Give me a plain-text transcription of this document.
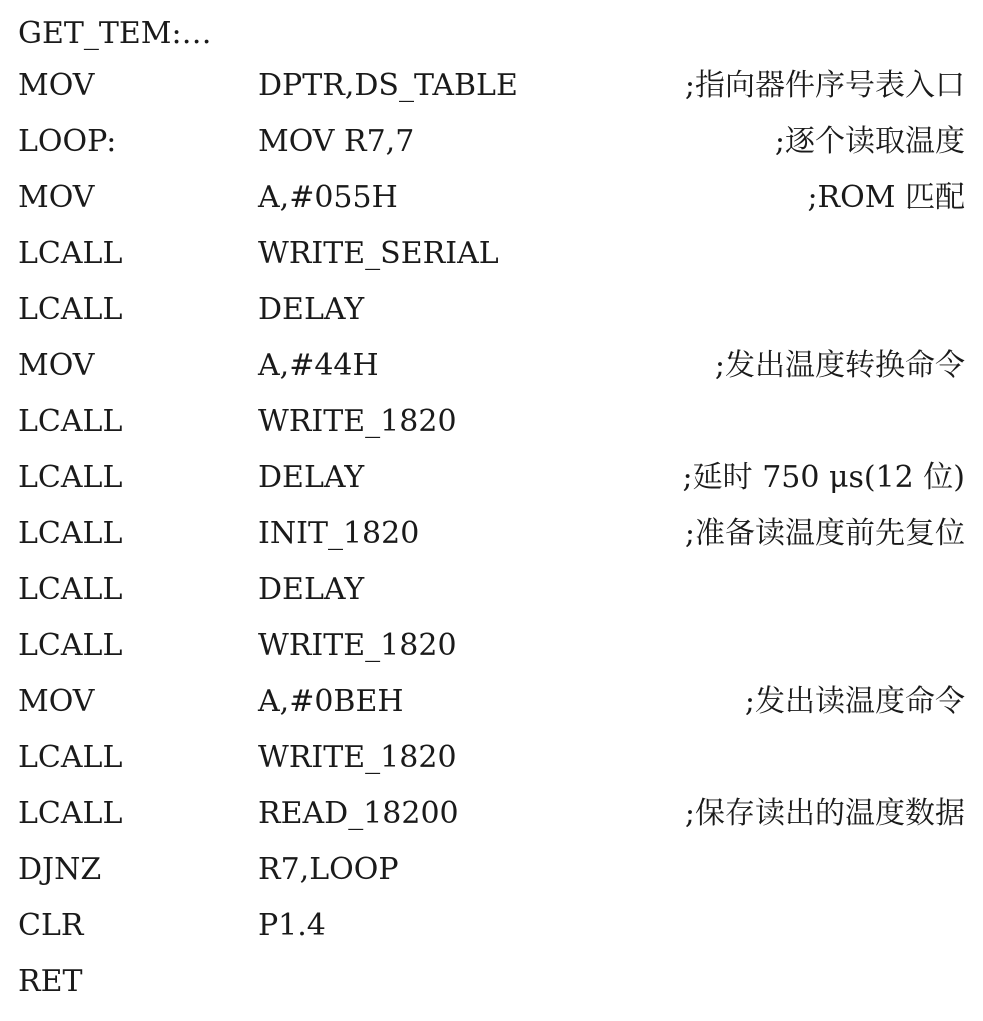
GET_TEM:…
MOV	DPTR,DS_TABLE	;指向器件序号表入口
LOOP:	MOV R7,7	;逐个读取温度
MOV	A,#055H	;ROM 匹配
LCALL	WRITE_SERIAL
LCALL	DELAY
MOV	A,#44H	;发出温度转换命令
LCALL	WRITE_1820
LCALL	DELAY	;延时 750 μs(12 位)
LCALL	INIT_1820	;准备读温度前先复位
LCALL	DELAY
LCALL	WRITE_1820
MOV	A,#0BEH	;发出读温度命令
LCALL	WRITE_1820
LCALL	READ_18200	;保存读出的温度数据
DJNZ	R7,LOOP
CLR	P1.4
RET
